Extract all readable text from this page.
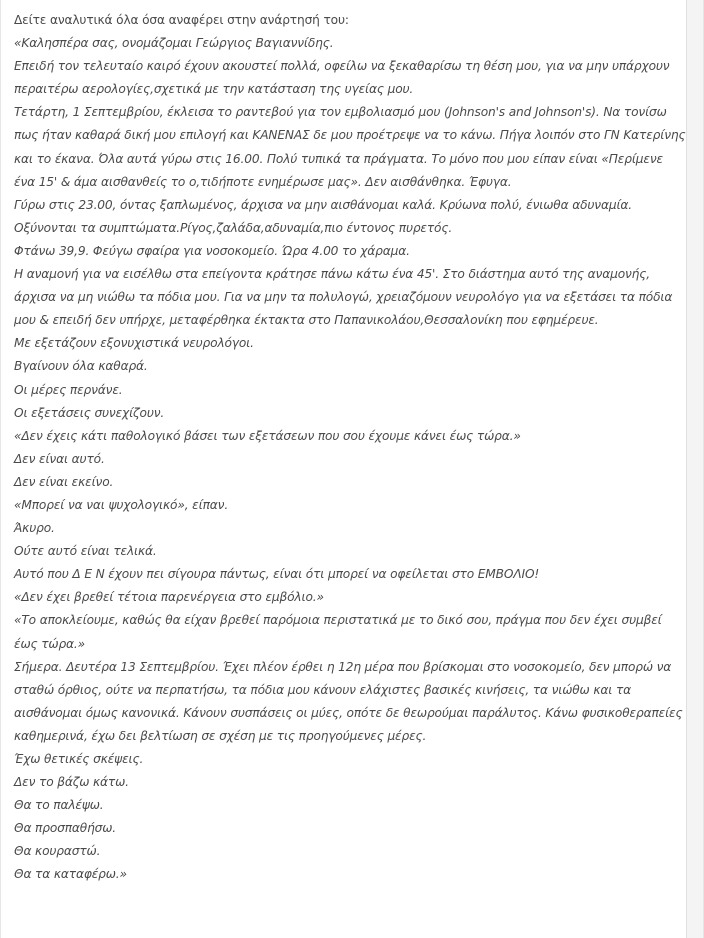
Δείτε αναλυτικά όλα όσα αναφέρει στην ανάρτησή του:

«Καλησπέρα σας, ονομάζομαι Γεώργιος Βαγιαννίδης.

Επειδή τον τελευταίο καιρό έχουν ακουστεί πολλά, οφείλω να ξεκαθαρίσω τη θέση μου, για να μην υπάρχουν περαιτέρω αερολογίες,σχετικά με την κατάσταση της υγείας μου.

Τετάρτη, 1 Σεπτεμβρίου, έκλεισα το ραντεβού για τον εμβολιασμό μου (Johnson's and Johnson's). Να τονίσω πως ήταν καθαρά δική μου επιλογή και ΚΑΝΕΝΑΣ δε μου προέτρεψε να το κάνω. Πήγα λοιπόν στο ΓΝ Κατερίνης και το έκανα. Όλα αυτά γύρω στις 16.00. Πολύ τυπικά τα πράγματα. Το μόνο που μου είπαν είναι «Περίμενε ένα 15' & άμα αισθανθείς το ο,τιδήποτε ενημέρωσε μας». Δεν αισθάνθηκα. Έφυγα.

Γύρω στις 23.00, όντας ξαπλωμένος, άρχισα να μην αισθάνομαι καλά. Κρύωνα πολύ, ένιωθα αδυναμία. Οξύνονται τα συμπτώματα.Ρίγος,ζαλάδα,αδυναμία,πιο έντονος πυρετός.

Φτάνω 39,9. Φεύγω σφαίρα για νοσοκομείο. Ώρα 4.00 το χάραμα.

Η αναμονή για να εισέλθω στα επείγοντα κράτησε πάνω κάτω ένα 45'. Στο διάστημα αυτό της αναμονής, άρχισα να μη νιώθω τα πόδια μου. Για να μην τα πολυλογώ, χρειαζόμουν νευρολόγο για να εξετάσει τα πόδια μου & επειδή δεν υπήρχε, μεταφέρθηκα έκτακτα στο Παπανικολάου,Θεσσαλονίκη που εφημέρευε.

Με εξετάζουν εξονυχιστικά νευρολόγοι.

Βγαίνουν όλα καθαρά.

Οι μέρες περνάνε.

Οι εξετάσεις συνεχίζουν.

«Δεν έχεις κάτι παθολογικό βάσει των εξετάσεων που σου έχουμε κάνει έως τώρα.»

Δεν είναι αυτό.

Δεν είναι εκείνο.

«Μπορεί να ναι ψυχολογικό», είπαν.

Άκυρο.

Ούτε αυτό είναι τελικά.

Αυτό που Δ Ε Ν έχουν πει σίγουρα πάντως, είναι ότι μπορεί να οφείλεται στο ΕΜΒΟΛΙΟ!

«Δεν έχει βρεθεί τέτοια παρενέργεια στο εμβόλιο.»

«Το αποκλείουμε, καθώς θα είχαν βρεθεί παρόμοια περιστατικά με το δικό σου, πράγμα που δεν έχει συμβεί έως τώρα.»

Σήμερα. Δευτέρα 13 Σεπτεμβρίου. Έχει πλέον έρθει η 12η μέρα που βρίσκομαι στο νοσοκομείο, δεν μπορώ να σταθώ όρθιος, ούτε να περπατήσω, τα πόδια μου κάνουν ελάχιστες βασικές κινήσεις, τα νιώθω και τα αισθάνομαι όμως κανονικά. Κάνουν συσπάσεις οι μύες, οπότε δε θεωρούμαι παράλυτος. Κάνω φυσικοθεραπείες καθημερινά, έχω δει βελτίωση σε σχέση με τις προηγούμενες μέρες.

Έχω θετικές σκέψεις.

Δεν το βάζω κάτω.

Θα το παλέψω.

Θα προσπαθήσω.

Θα κουραστώ.

Θα τα καταφέρω.»
